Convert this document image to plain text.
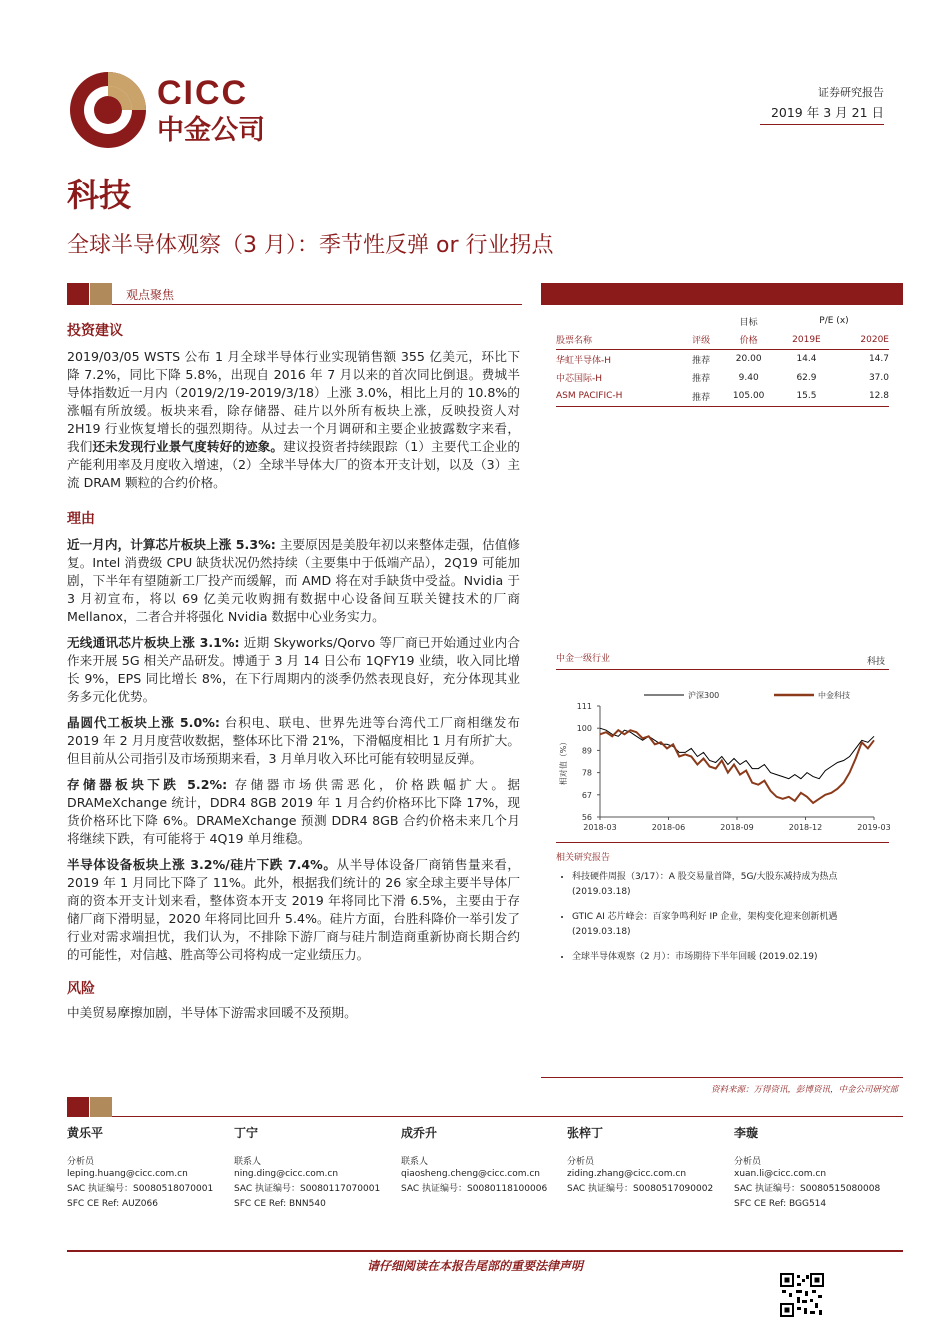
CICC
中金公司
证券研究报告
2019 年 3 月 21 日
科技
全球半导体观察（3 月）：季节性反弹 or 行业拐点
观点聚焦
投资建议
2019/03/05 WSTS 公布 1 月全球半导体行业实现销售额 355 亿美元，环比下降 7.2%，同比下降 5.8%，出现自 2016 年 7 月以来的首次同比倒退。费城半导体指数近一月内（2019/2/19-2019/3/18）上涨 3.0%，相比上月的 10.8%的涨幅有所放缓。板块来看，除存储器、硅片以外所有板块上涨，反映投资人对 2H19 行业恢复增长的强烈期待。从过去一个月调研和主要企业披露数字来看，我们还未发现行业景气度转好的迹象。建议投资者持续跟踪（1）主要代工企业的产能利用率及月度收入增速，（2）全球半导体大厂的资本开支计划，以及（3）主流 DRAM 颗粒的合约价格。
理由

近一月内，计算芯片板块上涨 5.3%: 主要原因是美股年初以来整体走强，估值修复。Intel 消费级 CPU 缺货状况仍然持续（主要集中于低端产品），2Q19 可能加剧，下半年有望随新工厂投产而缓解，而 AMD 将在对手缺货中受益。Nvidia 于 3 月初宣布，将以 69 亿美元收购拥有数据中心设备间互联关键技术的厂商 Mellanox，二者合并将强化 Nvidia 数据中心业务实力。

无线通讯芯片板块上涨 3.1%: 近期 Skyworks/Qorvo 等厂商已开始通过业内合作来开展 5G 相关产品研发。博通于 3 月 14 日公布 1QFY19 业绩，收入同比增长 9%，EPS 同比增长 8%，在下行周期内的淡季仍然表现良好，充分体现其业务多元化优势。

晶圆代工板块上涨 5.0%: 台积电、联电、世界先进等台湾代工厂商相继发布 2019 年 2 月月度营收数据，整体环比下滑 21%，下滑幅度相比 1 月有所扩大。但目前从公司指引及市场预期来看，3 月单月收入环比可能有较明显反弹。

存储器板块下跌 5.2%: 存储器市场供需恶化，价格跌幅扩大。据 DRAMeXchange 统计，DDR4 8GB 2019 年 1 月合约价格环比下降 17%，现货价格环比下降 6%。DRAMeXchange 预测 DDR4 8GB 合约价格未来几个月将继续下跌，有可能将于 4Q19 单月维稳。

半导体设备板块上涨 3.2%/硅片下跌 7.4%。从半导体设备厂商销售量来看，2019 年 1 月同比下降了 11%。此外，根据我们统计的 26 家全球主要半导体厂商的资本开支计划来看，整体资本开支 2019 年将同比下滑 6.5%，主要由于存储厂商下滑明显，2020 年将同比回升 5.4%。硅片方面，台胜科降价一举引发了行业对需求端担忧，我们认为，不排除下游厂商与硅片制造商重新协商长期合约的可能性，对信越、胜高等公司将构成一定业绩压力。

风险
中美贸易摩擦加剧，半导体下游需求回暖不及预期。
		目标	P/E (x)	
股票名称	评级	价格	2019E	2020E
华虹半导体-H	推荐	20.00	14.4	14.7
中芯国际-H	推荐	9.40	62.9	37.0
ASM PACIFIC-H	推荐	105.00	15.5	12.8
中金一级行业	科技
56
67
78
89
100
111
相对值（%）
2018-03	2018-06	2018-09	2018-12	2019-03
沪深300	中金科技
相关研究报告
• 科技硬件周报（3/17）：A 股交易量首降，5G/大股东减持成为热点 (2019.03.18)
• GTIC AI 芯片峰会：百家争鸣利好 IP 企业，架构变化迎来创新机遇 (2019.03.18)
• 全球半导体观察（2 月）：市场期待下半年回暖 (2019.02.19)
资料来源：万得资讯，彭博资讯，中金公司研究部
黄乐平
分析员
leping.huang@cicc.com.cn
SAC 执证编号：S0080518070001
SFC CE Ref: AUZ066
丁宁
联系人
ning.ding@cicc.com.cn
SAC 执证编号：S0080117070001
SFC CE Ref: BNN540
成乔升
联系人
qiaosheng.cheng@cicc.com.cn
SAC 执证编号：S0080118100006
张梓丁
分析员
ziding.zhang@cicc.com.cn
SAC 执证编号：S0080517090002
李璇
分析员
xuan.li@cicc.com.cn
SAC 执证编号：S0080515080008
SFC CE Ref: BGG514
请仔细阅读在本报告尾部的重要法律声明
